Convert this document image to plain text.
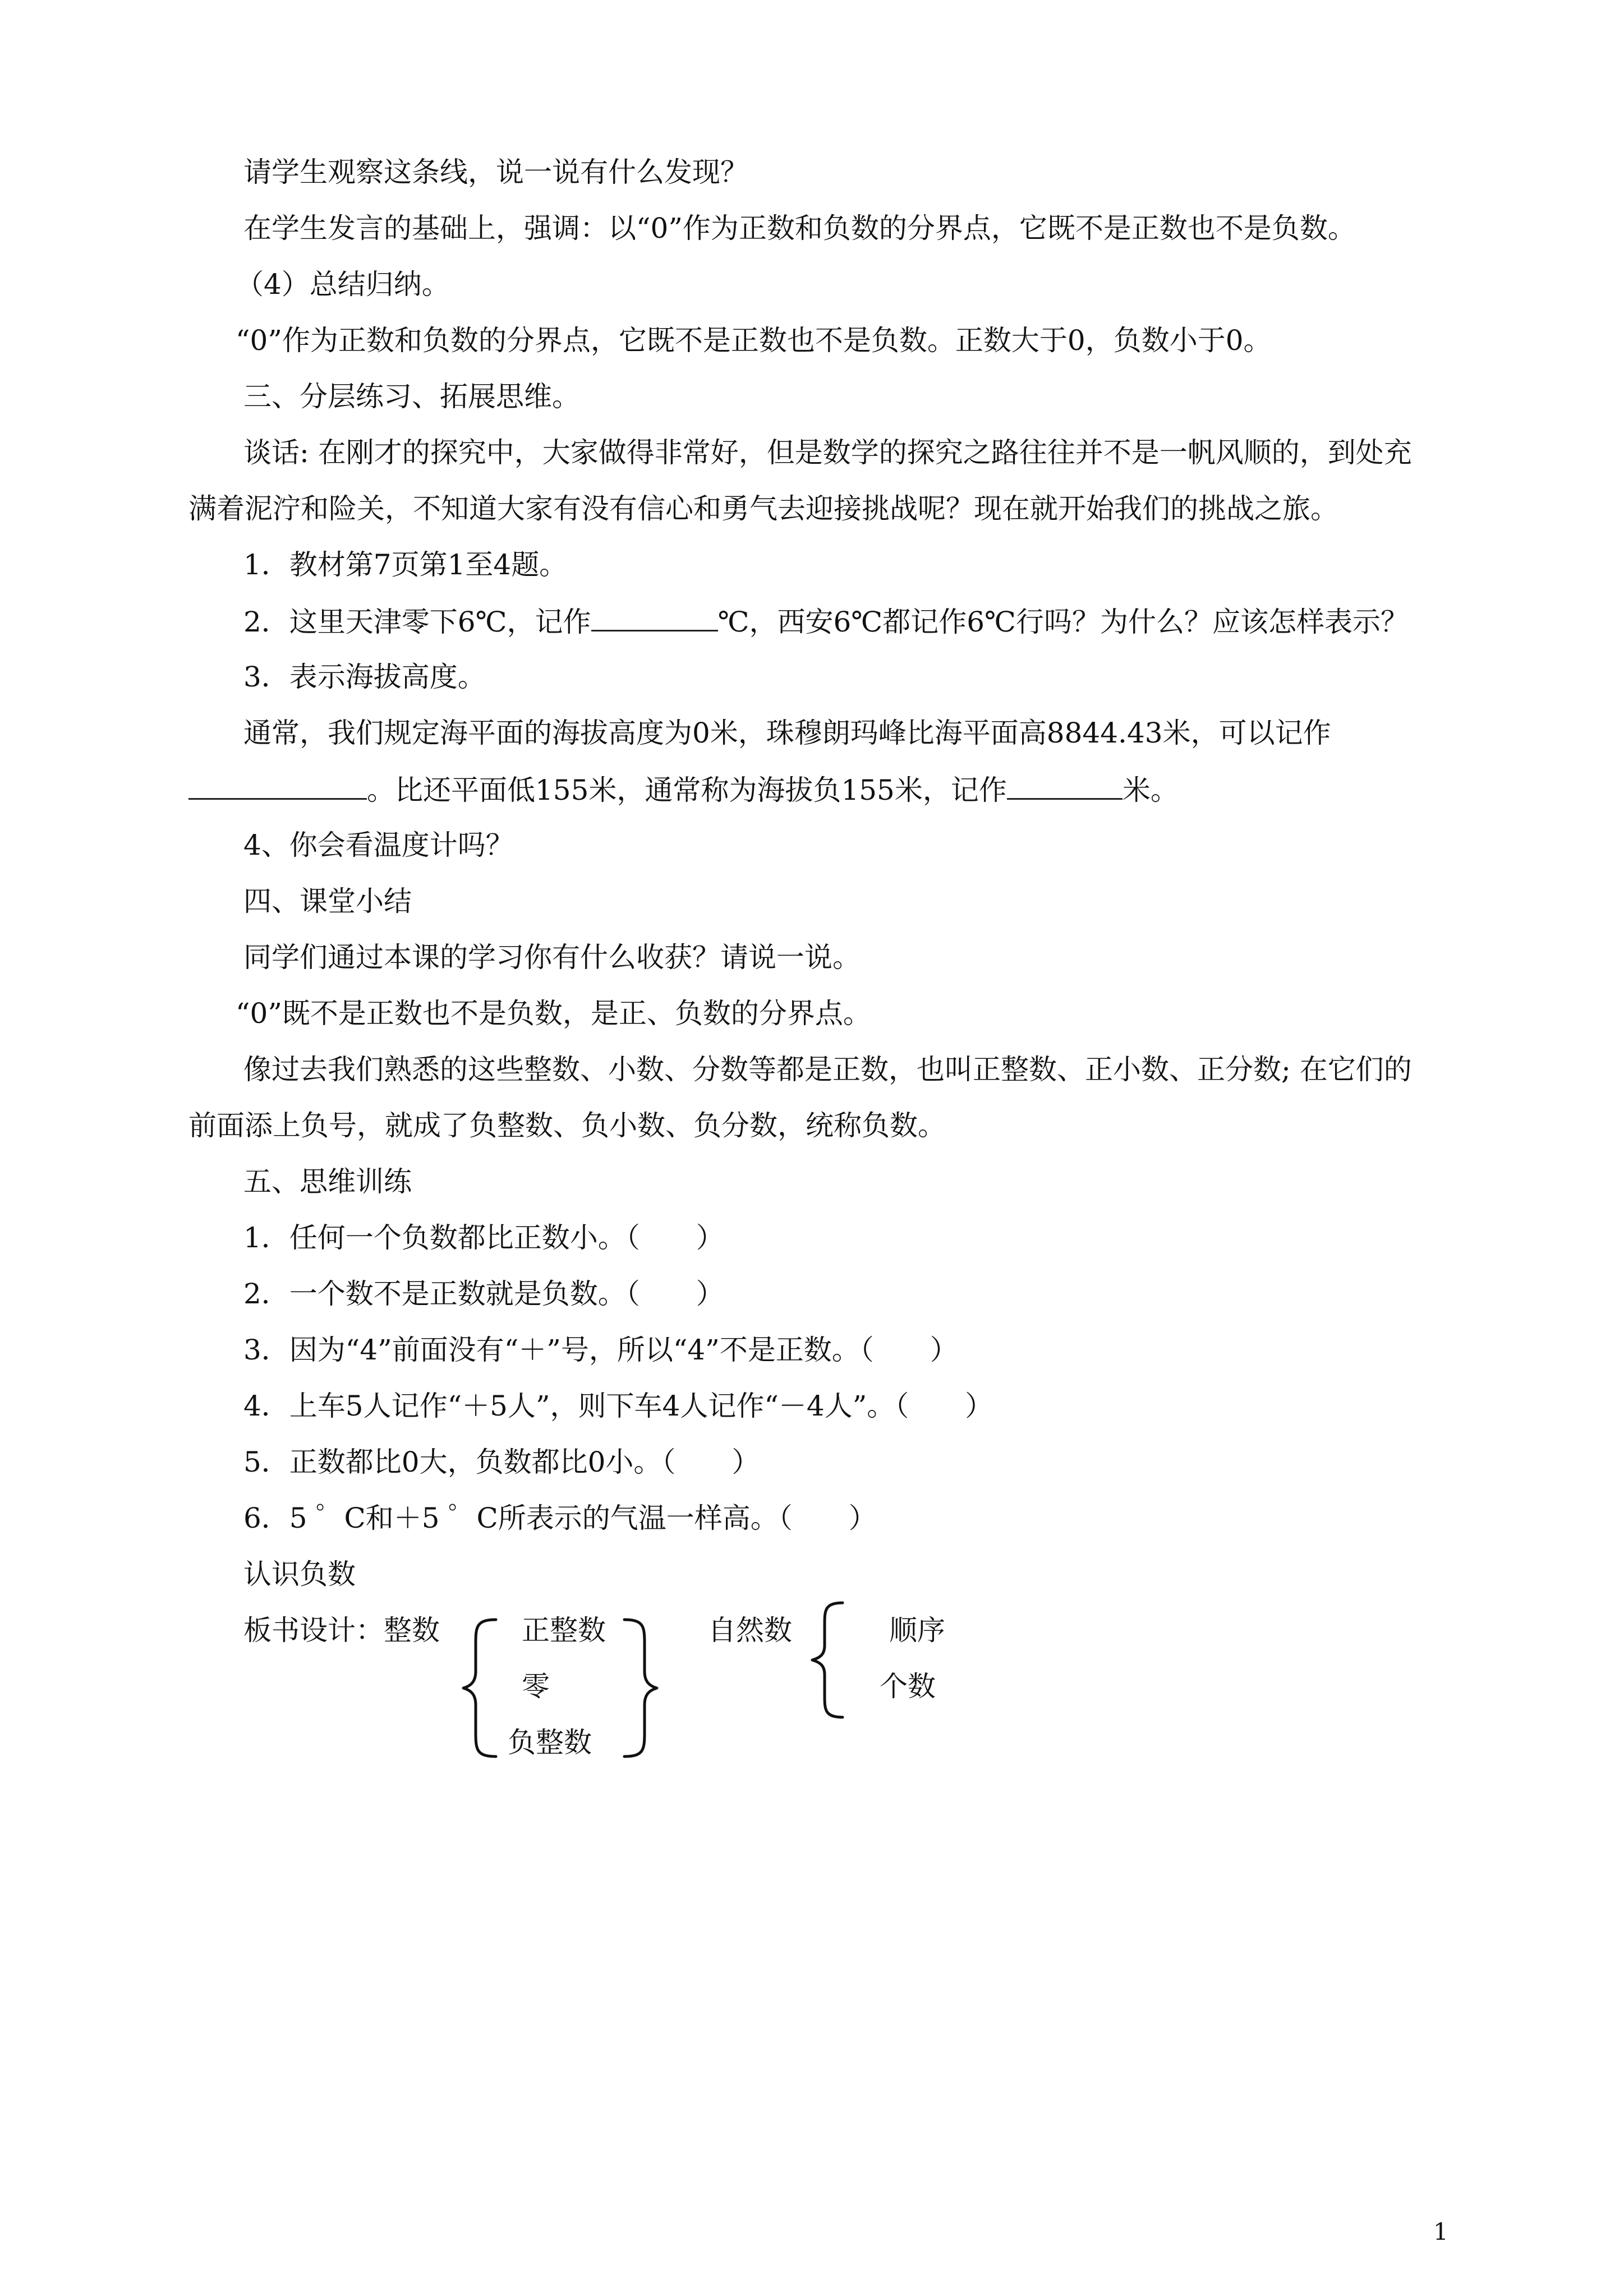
请学生观察这条线，说一说有什么发现？
在学生发言的基础上，强调：以“0”作为正数和负数的分界点，它既不是正数也不是负数。
（4）总结归纳。
“0”作为正数和负数的分界点，它既不是正数也不是负数。正数大于0，负数小于0。
三、分层练习、拓展思维。
谈话: 在刚才的探究中，大家做得非常好，但是数学的探究之路往往并不是一帆风顺的，到处充
满着泥泞和险关，不知道大家有没有信心和勇气去迎接挑战呢？现在就开始我们的挑战之旅。
1．教材第7页第1至4题。
2．这里天津零下6℃，记作	℃，西安6℃都记作6℃行吗？为什么？应该怎样表示？
3．表示海拔高度。
通常，我们规定海平面的海拔高度为0米，珠穆朗玛峰比海平面高8844.43米，可以记作
。比还平面低155米，通常称为海拔负155米，记作	米。
4、你会看温度计吗？
四、课堂小结
同学们通过本课的学习你有什么收获？请说一说。
“0”既不是正数也不是负数，是正、负数的分界点。
像过去我们熟悉的这些整数、小数、分数等都是正数，也叫正整数、正小数、正分数; 在它们的
前面添上负号，就成了负整数、负小数、负分数，统称负数。
五、思维训练
1．任何一个负数都比正数小。（　　）
2．一个数不是正数就是负数。（　　）
3．因为“4”前面没有“＋”号，所以“4”不是正数。（　　）
4．上车5人记作“＋5人”，则下车4人记作“－4人”。（　　）
5．正数都比0大，负数都比0小。（　　）
6．5 ゜C和＋5 ゜C所表示的气温一样高。（　　）
认识负数
板书设计：整数	正整数
零
负整数
自然数	顺序
个数
1
